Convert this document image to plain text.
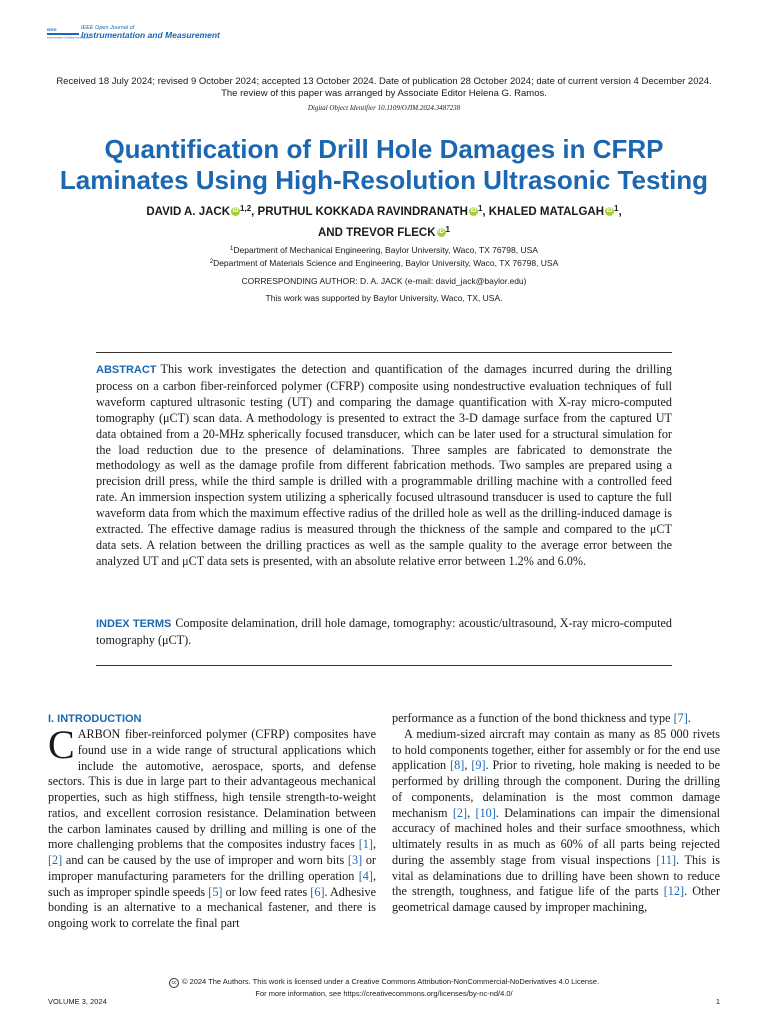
IEEE
Instrumentation & Measurement Society
IEEE Open Journal of
Instrumentation and Measurement
Received 18 July 2024; revised 9 October 2024; accepted 13 October 2024. Date of publication 28 October 2024; date of current version 4 December 2024.
The review of this paper was arranged by Associate Editor Helena G. Ramos.
Digital Object Identifier 10.1109/OJIM.2024.3487238
Quantification of Drill Hole Damages in CFRP
Laminates Using High-Resolution Ultrasonic Testing
DAVID A. JACK iD $^{1,2}$, PRUTHUL KOKKADA RAVINDRANATH iD $^1$, KHALED MATALGAH iD $^1$,
AND TREVOR FLECK iD $^1$
$^1$Department of Mechanical Engineering, Baylor University, Waco, TX 76798, USA
$^2$Department of Materials Science and Engineering, Baylor University, Waco, TX 76798, USA
CORRESPONDING AUTHOR: D. A. JACK (e-mail: david_jack@baylor.edu)
This work was supported by Baylor University, Waco, TX, USA.
ABSTRACT This work investigates the detection and quantification of the damages incurred during the drilling process on a carbon fiber-reinforced polymer (CFRP) composite using nondestructive evaluation techniques of full waveform captured ultrasonic testing (UT) and comparing the damage quantification with X-ray micro-computed tomography (μCT) scan data. A methodology is presented to extract the 3-D damage surface from the captured UT data obtained from a 20-MHz spherically focused transducer, which can be later used for a structural simulation for the load reduction due to the presence of delaminations. Three samples are fabricated to demonstrate the methodology as well as the damage profile from different fabrication methods. Two samples are prepared using a precision drill press, while the third sample is drilled with a programmable drilling machine with a controlled feed rate. An immersion inspection system utilizing a spherically focused ultrasound transducer is used to capture the full waveform data from which the maximum effective radius of the drilled hole as well as the drilling-induced damage is extracted. The effective damage radius is measured through the thickness of the sample and compared to the μCT data sets. A relation between the drilling practices as well as the sample quality to the average error between the analyzed UT and μCT data sets is presented, with an absolute relative error between 1.2% and 6.0%.
INDEX TERMS Composite delamination, drill hole damage, tomography: acoustic/ultrasound, X-ray micro-computed tomography (μCT).
I. INTRODUCTION

CARBON fiber-reinforced polymer (CFRP) composites have found use in a wide range of structural applications which include the automotive, aerospace, sports, and defense sectors. This is due in large part to their advantageous mechanical properties, such as high stiffness, high tensile strength-to-weight ratios, and excellent corrosion resistance. Delamination between the carbon laminates caused by drilling and milling is one of the more challenging problems that the composites industry faces [1], [2] and can be caused by the use of improper and worn bits [3] or improper manufacturing parameters for the drilling operation [4], such as improper spindle speeds [5] or low feed rates [6]. Adhesive bonding is an alternative to a mechanical fastener, and there is ongoing work to correlate the final part

performance as a function of the bond thickness and type [7].

A medium-sized aircraft may contain as many as 85 000 rivets to hold components together, either for assembly or for the end use application [8], [9]. Prior to riveting, hole making is needed to be performed by drilling through the component. During the drilling of components, delamination is the most common damage mechanism [2], [10]. Delaminations can impair the dimensional accuracy of machined holes and their surface smoothness, which ultimately results in as much as 60% of all parts being rejected during the assembly stage from visual inspections [11]. This is vital as delaminations due to drilling have been shown to reduce the strength, toughness, and fatigue life of the parts [12]. Other geometrical damage caused by improper machining,

cc © 2024 The Authors. This work is licensed under a Creative Commons Attribution-NonCommercial-NoDerivatives 4.0 License.
For more information, see https://creativecommons.org/licenses/by-nc-nd/4.0/
VOLUME 3, 2024	1
